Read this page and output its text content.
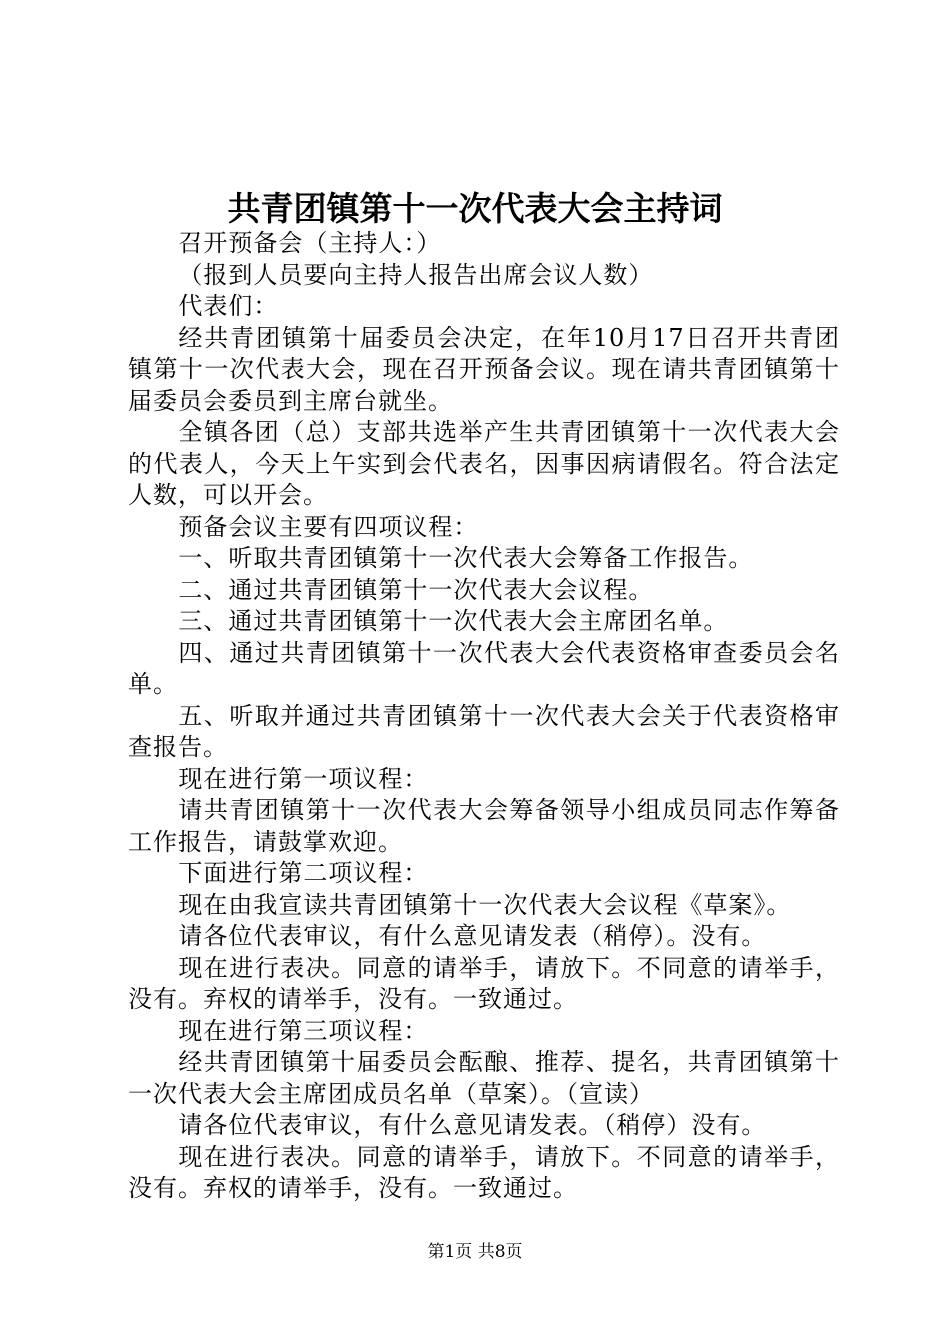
共青团镇第十一次代表大会主持词

召开预备会（主持人：）

（报到人员要向主持人报告出席会议人数）

代表们：

经共青团镇第十届委员会决定，在年10月17日召开共青团镇第十一次代表大会，现在召开预备会议。现在请共青团镇第十届委员会委员到主席台就坐。

全镇各团（总）支部共选举产生共青团镇第十一次代表大会的代表人，今天上午实到会代表名，因事因病请假名。符合法定人数，可以开会。

预备会议主要有四项议程：

一、听取共青团镇第十一次代表大会筹备工作报告。

二、通过共青团镇第十一次代表大会议程。

三、通过共青团镇第十一次代表大会主席团名单。

四、通过共青团镇第十一次代表大会代表资格审查委员会名单。

五、听取并通过共青团镇第十一次代表大会关于代表资格审查报告。

现在进行第一项议程：

请共青团镇第十一次代表大会筹备领导小组成员同志作筹备工作报告，请鼓掌欢迎。

下面进行第二项议程：

现在由我宣读共青团镇第十一次代表大会议程《草案》。

请各位代表审议，有什么意见请发表（稍停）。没有。

现在进行表决。同意的请举手，请放下。不同意的请举手，没有。弃权的请举手，没有。一致通过。

现在进行第三项议程：

经共青团镇第十届委员会酝酿、推荐、提名，共青团镇第十一次代表大会主席团成员名单（草案）。（宣读）

请各位代表审议，有什么意见请发表。（稍停）没有。

现在进行表决。同意的请举手，请放下。不同意的请举手，没有。弃权的请举手，没有。一致通过。

第1页 共8页
